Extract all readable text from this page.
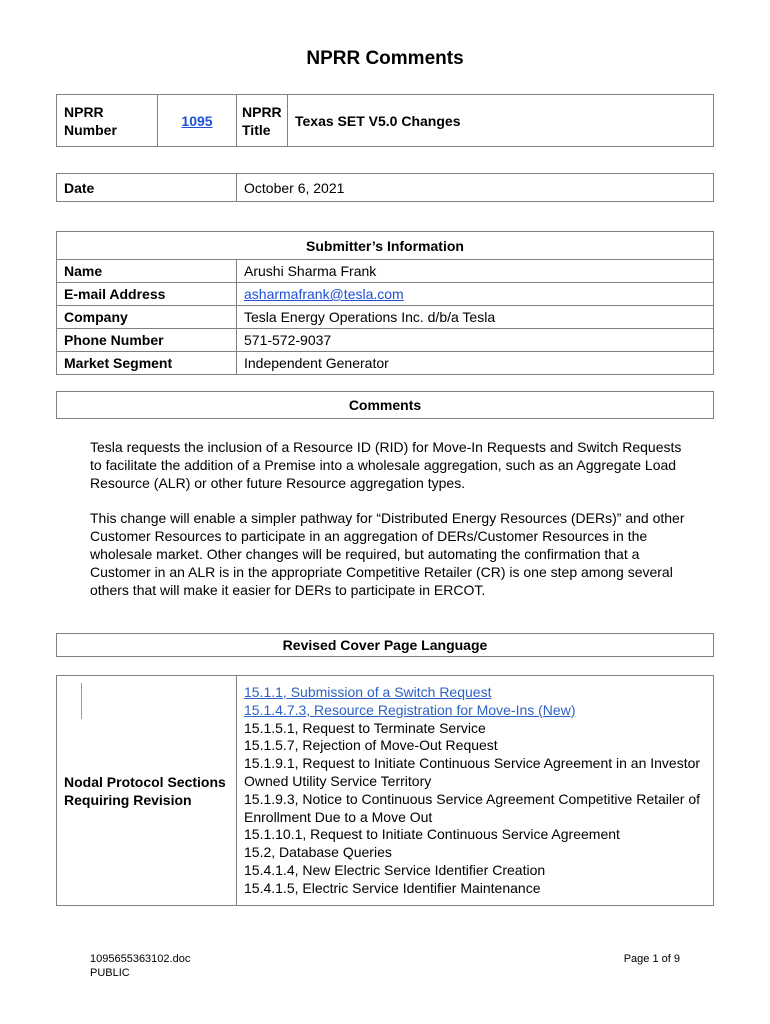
NPRR Comments
NPRR Number	1095	NPRR Title	Texas SET V5.0 Changes
Date	October 6, 2021
Submitter’s Information	
Name	Arushi Sharma Frank
E-mail Address	asharmafrank@tesla.com
Company	Tesla Energy Operations Inc. d/b/a Tesla
Phone Number	571-572-9037
Market Segment	Independent Generator
Comments

Tesla requests the inclusion of a Resource ID (RID) for Move-In Requests and Switch Requests to facilitate the addition of a Premise into a wholesale aggregation, such as an Aggregate Load Resource (ALR) or other future Resource aggregation types.

This change will enable a simpler pathway for “Distributed Energy Resources (DERs)” and other Customer Resources to participate in an aggregation of DERs/Customer Resources in the wholesale market. Other changes will be required, but automating the confirmation that a Customer in an ALR is in the appropriate Competitive Retailer (CR) is one step among several others that will make it easier for DERs to participate in ERCOT.

Revised Cover Page Language
Nodal Protocol Sections Requiring Revision	
15.1.1, Submission of a Switch Request
15.1.4.7.3, Resource Registration for Move-Ins (New)
15.1.5.1, Request to Terminate Service
15.1.5.7, Rejection of Move-Out Request
15.1.9.1, Request to Initiate Continuous Service Agreement in an Investor Owned Utility Service Territory
15.1.9.3, Notice to Continuous Service Agreement Competitive Retailer of Enrollment Due to a Move Out
15.1.10.1, Request to Initiate Continuous Service Agreement
15.2, Database Queries
15.4.1.4, New Electric Service Identifier Creation
15.4.1.5, Electric Service Identifier Maintenance
1095655363102.doc
PUBLIC
Page 1 of 9
